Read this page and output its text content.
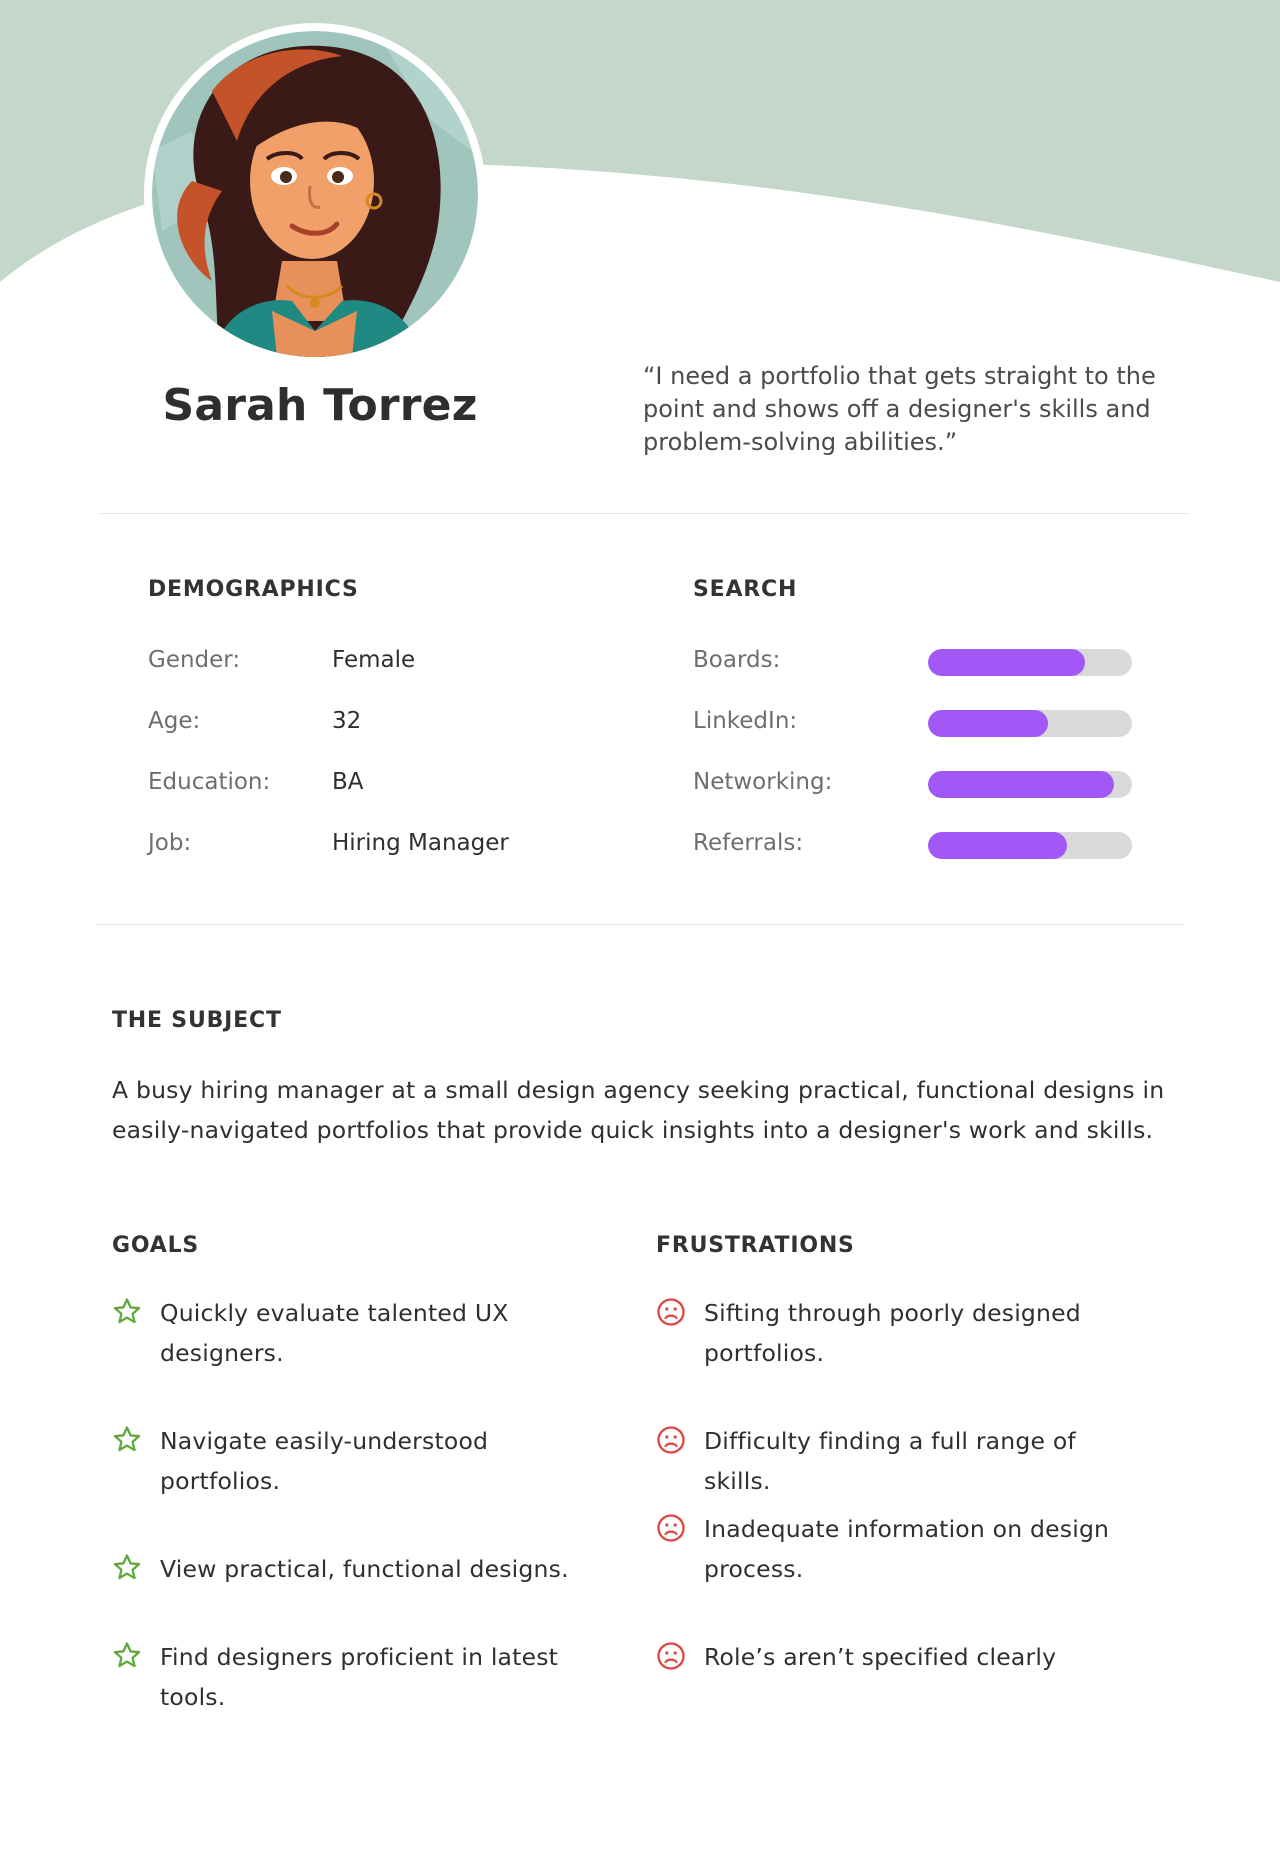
Sarah Torrez
“I need a portfolio that gets straight to the point and shows off a designer's skills and problem-solving abilities.”
DEMOGRAPHICS
Gender:	Female
Age:	32
Education:	BA
Job:	Hiring Manager
SEARCH
Boards:
LinkedIn:
Networking:
Referrals:
THE SUBJECT
A busy hiring manager at a small design agency seeking practical, functional designs in easily-navigated portfolios that provide quick insights into a designer's work and skills.
GOALS
Quickly evaluate talented UX designers.
Navigate easily-understood portfolios.
View practical, functional designs.
Find designers proficient in latest tools.
FRUSTRATIONS
Sifting through poorly designed portfolios.
Difficulty finding a full range of skills.
Inadequate information on design process.
Role’s aren’t specified clearly
